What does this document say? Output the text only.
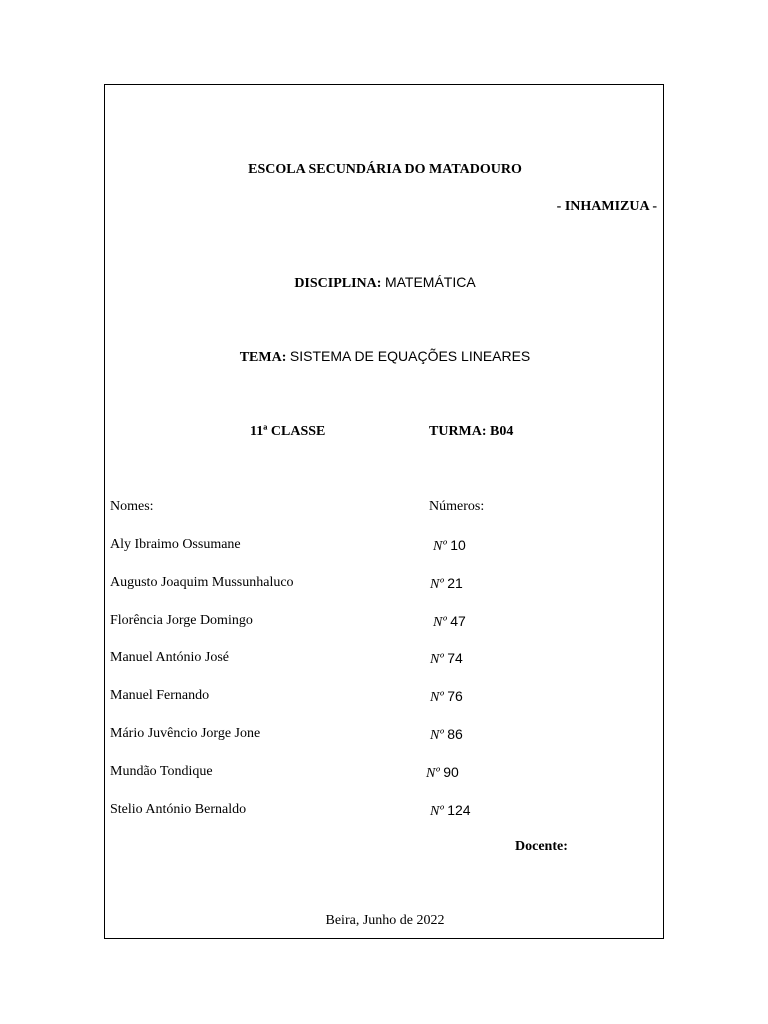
ESCOLA SECUNDÁRIA DO MATADOURO
- INHAMIZUA -
DISCIPLINA: MATEMÁTICA
TEMA: SISTEMA DE EQUAÇÕES LINEARES
11ª CLASSE	TURMA: B04
Nomes:	Números:
Aly Ibraimo Ossumane	Nº 10
Augusto Joaquim Mussunhaluco	Nº 21
Florência Jorge Domingo	Nº 47
Manuel António José	Nº 74
Manuel Fernando	Nº 76
Mário Juvêncio Jorge Jone	Nº 86
Mundão Tondique	Nº 90
Stelio António Bernaldo	Nº 124
Docente:
Beira, Junho de 2022
